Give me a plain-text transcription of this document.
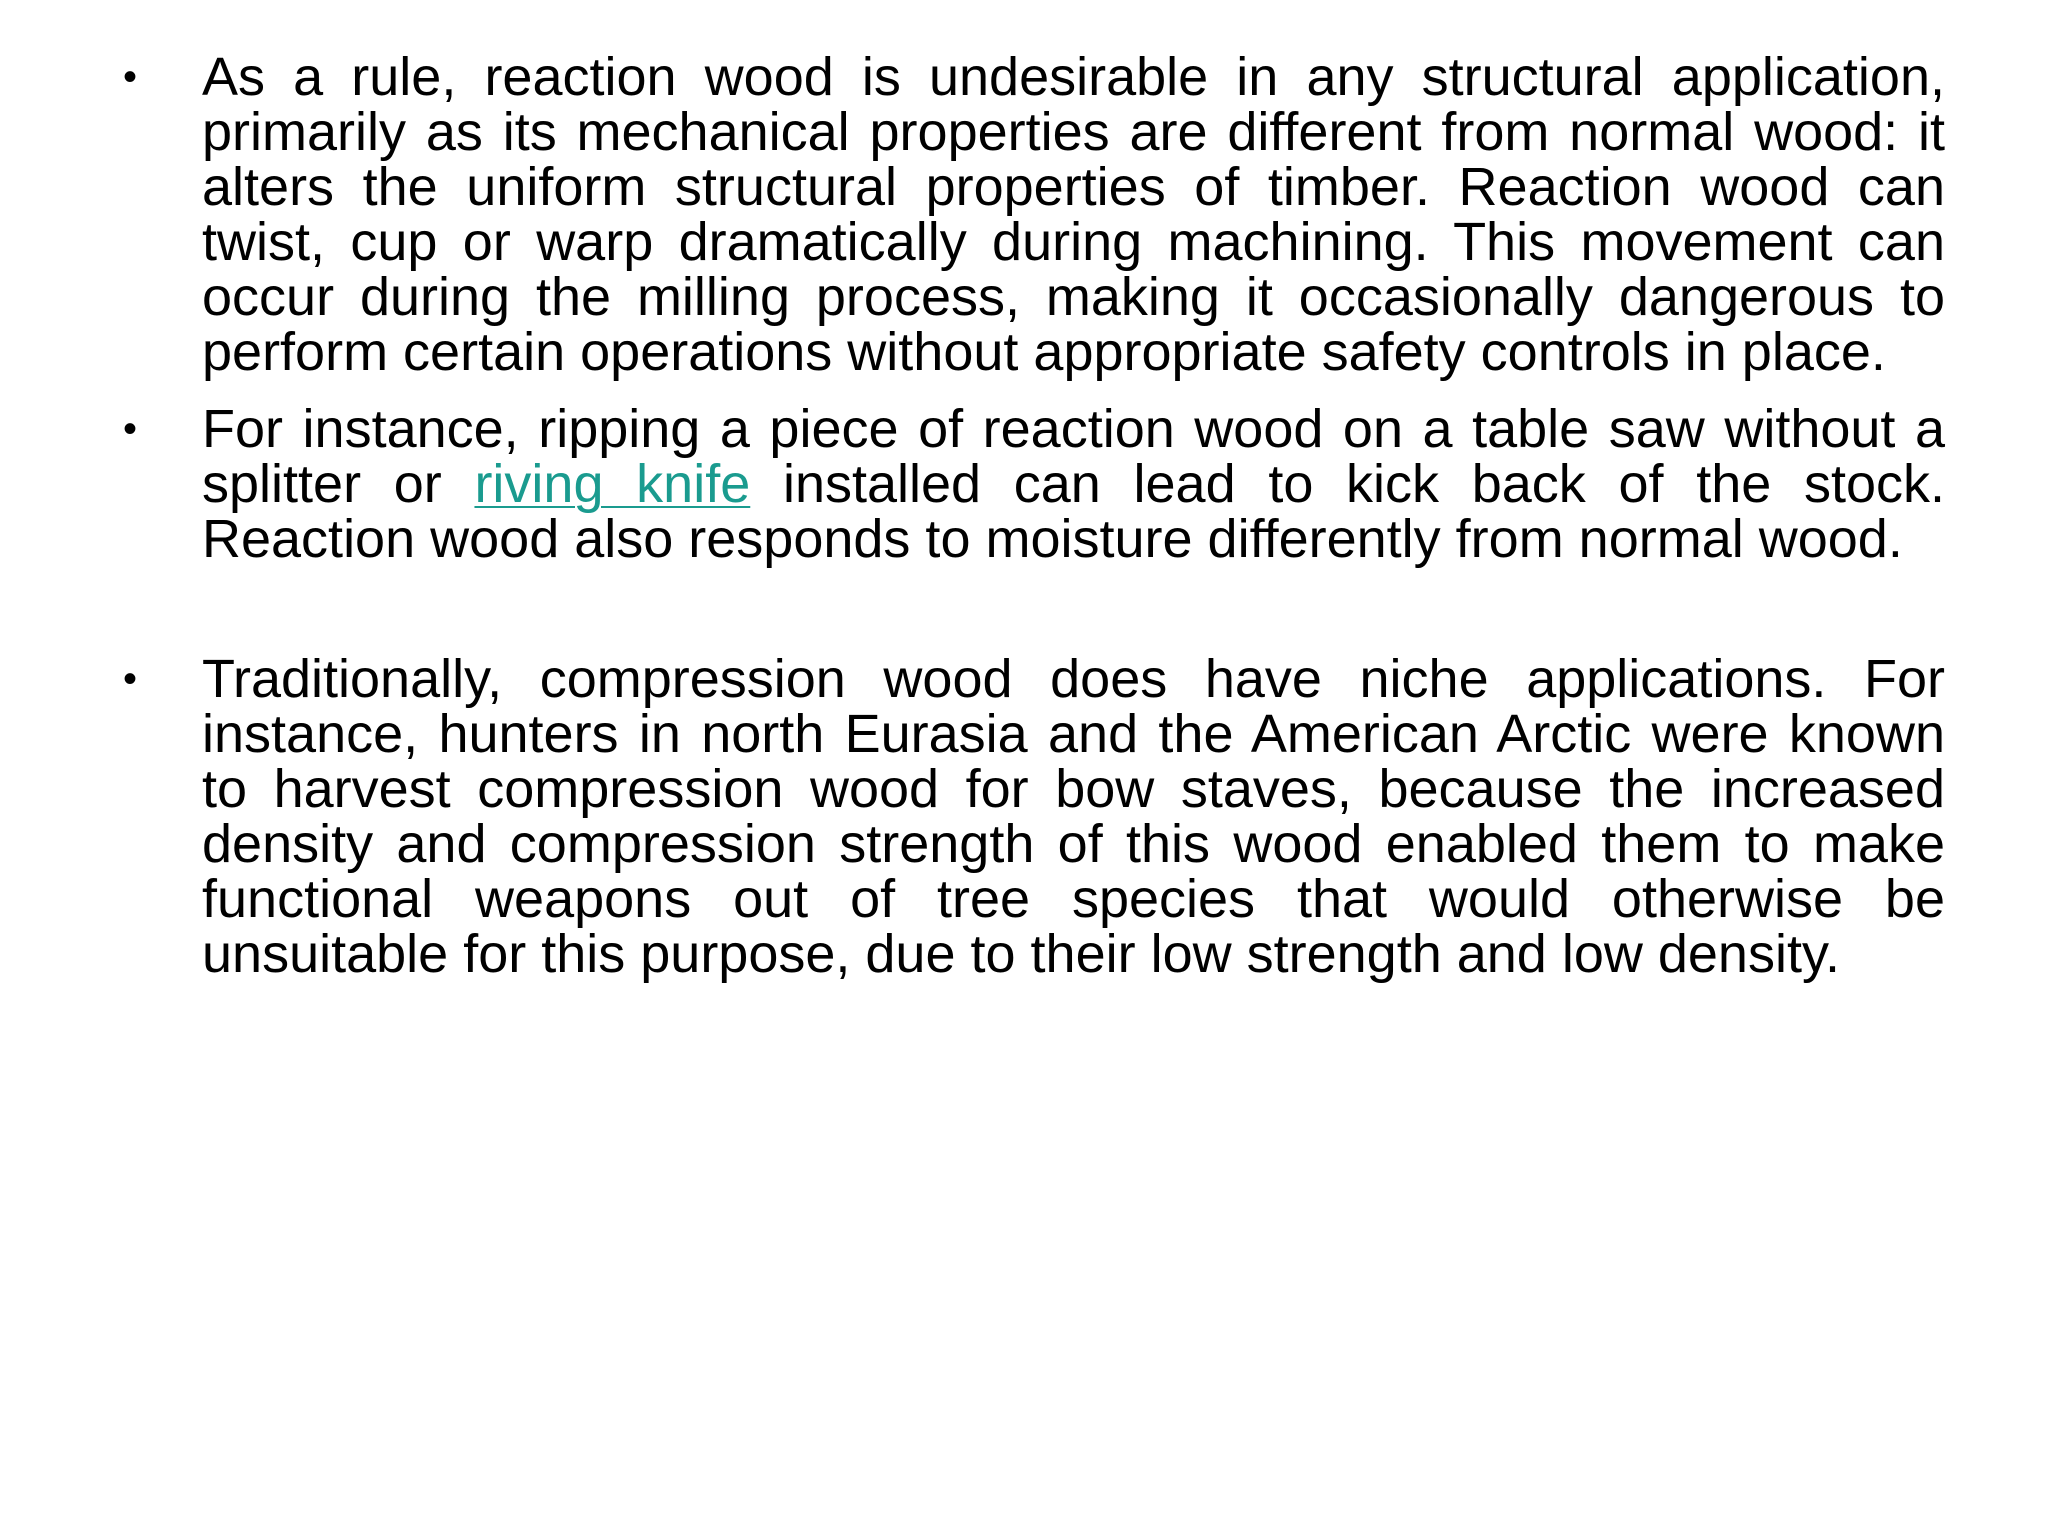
• As a rule, reaction wood is undesirable in any structural application, primarily as its mechanical properties are different from normal wood: it alters the uniform structural properties of timber. Reaction wood can twist, cup or warp dramatically during machining. This movement can occur during the milling process, making it occasionally dangerous to perform certain operations without appropriate safety controls in place.
• For instance, ripping a piece of reaction wood on a table saw without a splitter or riving knife installed can lead to kick back of the stock. Reaction wood also responds to moisture differently from normal wood.
• Traditionally, compression wood does have niche applications. For instance, hunters in north Eurasia and the American Arctic were known to harvest compression wood for bow staves, because the increased density and compression strength of this wood enabled them to make functional weapons out of tree species that would otherwise be unsuitable for this purpose, due to their low strength and low density.
